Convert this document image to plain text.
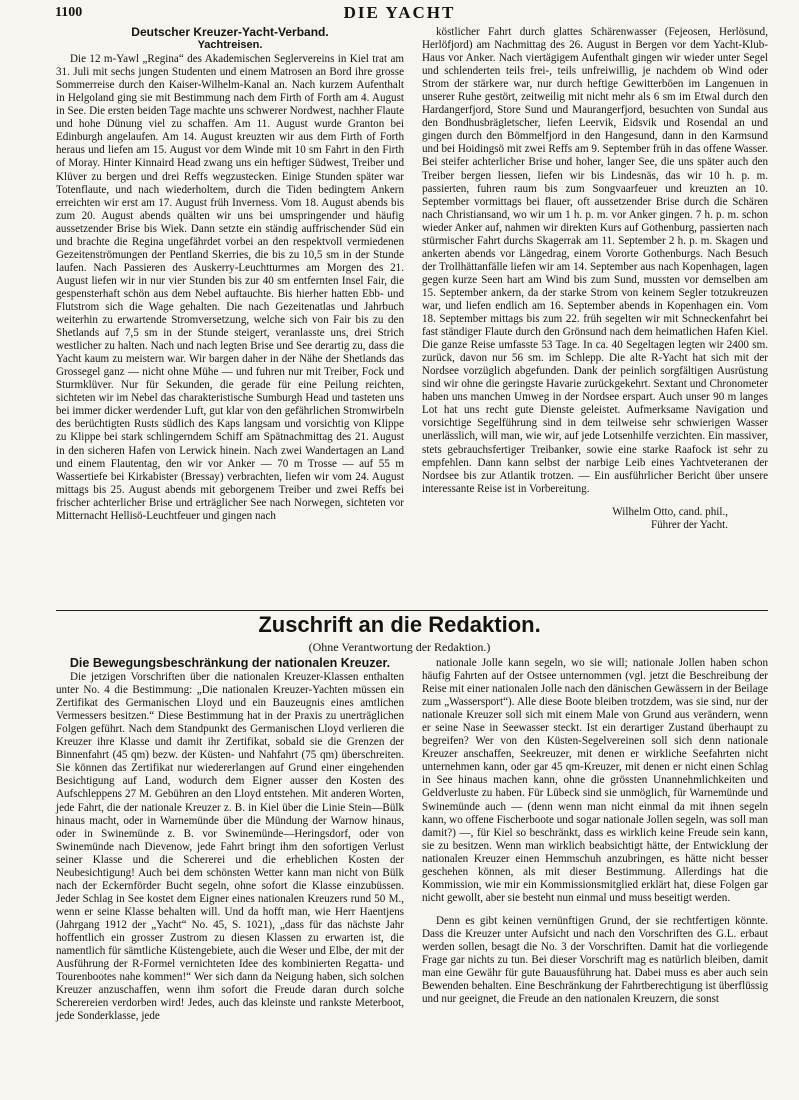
1100	DIE YACHT

Deutscher Kreuzer-Yacht-Verband.

Yachtreisen.

Die 12 m-Yawl „Regina“ des Akademischen Seglervereins in Kiel trat am 31. Juli mit sechs jungen Studenten und einem Matrosen an Bord ihre grosse Sommerreise durch den Kaiser-Wilhelm-Kanal an. Nach kurzem Aufenthalt in Helgoland ging sie mit Bestimmung nach dem Firth of Forth am 4. August in See. Die ersten beiden Tage machte uns schwerer Nordwest, nachher Flaute und hohe Dünung viel zu schaffen. Am 11. August wurde Granton bei Edinburgh angelaufen. Am 14. August kreuzten wir aus dem Firth of Forth heraus und liefen am 15. August vor dem Winde mit 10 sm Fahrt in den Firth of Moray. Hinter Kinnaird Head zwang uns ein heftiger Südwest, Treiber und Klüver zu bergen und drei Reffs wegzustecken. Einige Stunden später war Totenflaute, und nach wiederholtem, durch die Tiden bedingtem Ankern erreichten wir erst am 17. August früh Inverness. Vom 18. August abends bis zum 20. August abends quälten wir uns bei umspringender und häufig aussetzender Brise bis Wiek. Dann setzte ein ständig auffrischender Süd ein und brachte die Regina ungefährdet vorbei an den respektvoll vermiedenen Gezeitenströmungen der Pentland Skerries, die bis zu 10,5 sm in der Stunde laufen. Nach Passieren des Auskerry-Leuchtturmes am Morgen des 21. August liefen wir in nur vier Stunden bis zur 40 sm entfernten Insel Fair, die gespensterhaft schön aus dem Nebel auftauchte. Bis hierher hatten Ebb- und Flutstrom sich die Wage gehalten. Die nach Gezeitenatlas und Jahrbuch weiterhin zu erwartende Stromversetzung, welche sich von Fair bis zu den Shetlands auf 7,5 sm in der Stunde steigert, veranlasste uns, drei Strich westlicher zu halten. Nach und nach legten Brise und See derartig zu, dass die Yacht kaum zu meistern war. Wir bargen daher in der Nähe der Shetlands das Grossegel ganz — nicht ohne Mühe — und fuhren nur mit Treiber, Fock und Sturmklüver. Nur für Sekunden, die gerade für eine Peilung reichten, sichteten wir im Nebel das charakteristische Sumburgh Head und tasteten uns bei immer dicker werdender Luft, gut klar von den gefährlichen Stromwirbeln des berüchtigten Rusts südlich des Kaps langsam und vorsichtig von Klippe zu Klippe bei stark schlingerndem Schiff am Spätnachmittag des 21. August in den sicheren Hafen von Lerwick hinein. Nach zwei Wandertagen an Land und einem Flautentag, den wir vor Anker — 70 m Trosse — auf 55 m Wassertiefe bei Kirkabister (Bressay) verbrachten, liefen wir vom 24. August mittags bis 25. August abends mit geborgenem Treiber und zwei Reffs bei frischer achterlicher Brise und erträglicher See nach Norwegen, sichteten vor Mitternacht Hellisö-Leuchtfeuer und gingen nach

köstlicher Fahrt durch glattes Schärenwasser (Fejeosen, Herlösund, Herlöfjord) am Nachmittag des 26. August in Bergen vor dem Yacht-Klub-Haus vor Anker. Nach viertägigem Aufenthalt gingen wir wieder unter Segel und schlenderten teils frei-, teils unfreiwillig, je nachdem ob Wind oder Strom der stärkere war, nur durch heftige Gewitterböen im Langenuen in unserer Ruhe gestört, zeitweilig mit nicht mehr als 6 sm im Etwal durch den Hardangerfjord, Store Sund und Maurangerfjord, besuchten von Sundal aus den Bondhusbrägletscher, liefen Leervik, Eidsvik und Rosendal an und gingen durch den Bömmelfjord in den Hangesund, dann in den Karmsund und bei Hoidingsö mit zwei Reffs am 9. September früh in das offene Wasser. Bei steifer achterlicher Brise und hoher, langer See, die uns später auch den Treiber bergen liessen, liefen wir bis Lindesnäs, das wir 10 h. p. m. passierten, fuhren raum bis zum Songvaarfeuer und kreuzten an 10. September vormittags bei flauer, oft aussetzender Brise durch die Schären nach Christiansand, wo wir um 1 h. p. m. vor Anker gingen. 7 h. p. m. schon wieder Anker auf, nahmen wir direkten Kurs auf Gothenburg, passierten nach stürmischer Fahrt durchs Skagerrak am 11. September 2 h. p. m. Skagen und ankerten abends vor Längedrag, einem Vororte Gothenburgs. Nach Besuch der Trollhättanfälle liefen wir am 14. September aus nach Kopenhagen, lagen gegen kurze Seen hart am Wind bis zum Sund, mussten vor demselben am 15. September ankern, da der starke Strom von keinem Segler totzukreuzen war, und liefen endlich am 16. September abends in Kopenhagen ein. Vom 18. September mittags bis zum 22. früh segelten wir mit Schneckenfahrt bei fast ständiger Flaute durch den Grönsund nach dem heimatlichen Hafen Kiel. Die ganze Reise umfasste 53 Tage. In ca. 40 Segeltagen legten wir 2400 sm. zurück, davon nur 56 sm. im Schlepp. Die alte R-Yacht hat sich mit der Nordsee vorzüglich abgefunden. Dank der peinlich sorgfältigen Ausrüstung sind wir ohne die geringste Havarie zurückgekehrt. Sextant und Chronometer haben uns manchen Umweg in der Nordsee erspart. Auch unser 90 m langes Lot hat uns recht gute Dienste geleistet. Aufmerksame Navigation und vorsichtige Segelführung sind in dem teilweise sehr schwierigen Wasser unerlässlich, will man, wie wir, auf jede Lotsenhilfe verzichten. Ein massiver, stets gebrauchsfertiger Treibanker, sowie eine starke Raafock ist sehr zu empfehlen. Dann kann selbst der narbige Leib eines Yachtveteranen der Nordsee bis zur Atlantik trotzen. — Ein ausführlicher Bericht über unsere interessante Reise ist in Vorbereitung.

Wilhelm Otto, cand. phil.,

Führer der Yacht.

Zuschrift an die Redaktion.
(Ohne Verantwortung der Redaktion.)

Die Bewegungsbeschränkung der nationalen Kreuzer.

Die jetzigen Vorschriften über die nationalen Kreuzer-Klassen enthalten unter No. 4 die Bestimmung: „Die nationalen Kreuzer-Yachten müssen ein Zertifikat des Germanischen Lloyd und ein Bauzeugnis eines amtlichen Vermessers besitzen.“ Diese Bestimmung hat in der Praxis zu unerträglichen Folgen geführt. Nach dem Standpunkt des Germanischen Lloyd verlieren die Kreuzer ihre Klasse und damit ihr Zertifikat, sobald sie die Grenzen der Binnenfahrt (45 qm) bezw. der Küsten- und Nahfahrt (75 qm) überschreiten. Sie können das Zertifikat nur wiedererlangen auf Grund einer eingehenden Besichtigung auf Land, wodurch dem Eigner ausser den Kosten des Aufschleppens 27 M. Gebühren an den Lloyd entstehen. Mit anderen Worten, jede Fahrt, die der nationale Kreuzer z. B. in Kiel über die Linie Stein—Bülk hinaus macht, oder in Warnemünde über die Mündung der Warnow hinaus, oder in Swinemünde z. B. vor Swinemünde—Heringsdorf, oder von Swinemünde nach Dievenow, jede Fahrt bringt ihm den sofortigen Verlust seiner Klasse und die Schererei und die erheblichen Kosten der Neubesichtigung! Auch bei dem schönsten Wetter kann man nicht von Bülk nach der Eckernförder Bucht segeln, ohne sofort die Klasse einzubüssen. Jeder Schlag in See kostet dem Eigner eines nationalen Kreuzers rund 50 M., wenn er seine Klasse behalten will. Und da hofft man, wie Herr Haentjens (Jahrgang 1912 der „Yacht“ No. 45, S. 1021), „dass für das nächste Jahr hoffentlich ein grosser Zustrom zu diesen Klassen zu erwarten ist, die namentlich für sämtliche Küstengebiete, auch die Weser und Elbe, der mit der Ausführung der R-Formel vernichteten Idee des kombinierten Regatta- und Tourenbootes nahe kommen!“ Wer sich dann da Neigung haben, sich solchen Kreuzer anzuschaffen, wenn ihm sofort die Freude daran durch solche Scherereien verdorben wird! Jedes, auch das kleinste und rankste Meterboot, jede Sonderklasse, jede

nationale Jolle kann segeln, wo sie will; nationale Jollen haben schon häufig Fahrten auf der Ostsee unternommen (vgl. jetzt die Beschreibung der Reise mit einer nationalen Jolle nach den dänischen Gewässern in der Beilage zum „Wassersport“). Alle diese Boote bleiben trotzdem, was sie sind, nur der nationale Kreuzer soll sich mit einem Male von Grund aus verändern, wenn er seine Nase in Seewasser steckt. Ist ein derartiger Zustand überhaupt zu begreifen? Wer von den Küsten-Segelvereinen soll sich denn nationale Kreuzer anschaffen, Seekreuzer, mit denen er wirkliche Seefahrten nicht unternehmen kann, oder gar 45 qm-Kreuzer, mit denen er nicht einen Schlag in See hinaus machen kann, ohne die grössten Unannehmlichkeiten und Geldverluste zu haben. Für Lübeck sind sie unmöglich, für Warnemünde und Swinemünde auch — (denn wenn man nicht einmal da mit ihnen segeln kann, wo offene Fischerboote und sogar nationale Jollen segeln, was soll man damit?) —, für Kiel so beschränkt, dass es wirklich keine Freude sein kann, sie zu besitzen. Wenn man wirklich beabsichtigt hätte, der Entwicklung der nationalen Kreuzer einen Hemmschuh anzubringen, es hätte nicht besser geschehen können, als mit dieser Bestimmung. Allerdings hat die Kommission, wie mir ein Kommissionsmitglied erklärt hat, diese Folgen gar nicht gewollt, aber sie besteht nun einmal und muss beseitigt werden.

Denn es gibt keinen vernünftigen Grund, der sie rechtfertigen könnte. Dass die Kreuzer unter Aufsicht und nach den Vorschriften des G.L. erbaut werden sollen, besagt die No. 3 der Vorschriften. Damit hat die vorliegende Frage gar nichts zu tun. Bei dieser Vorschrift mag es natürlich bleiben, damit man eine Gewähr für gute Bauausführung hat. Dabei muss es aber auch sein Bewenden behalten. Eine Beschränkung der Fahrtberechtigung ist überflüssig und nur geeignet, die Freude an den nationalen Kreuzern, die sonst
